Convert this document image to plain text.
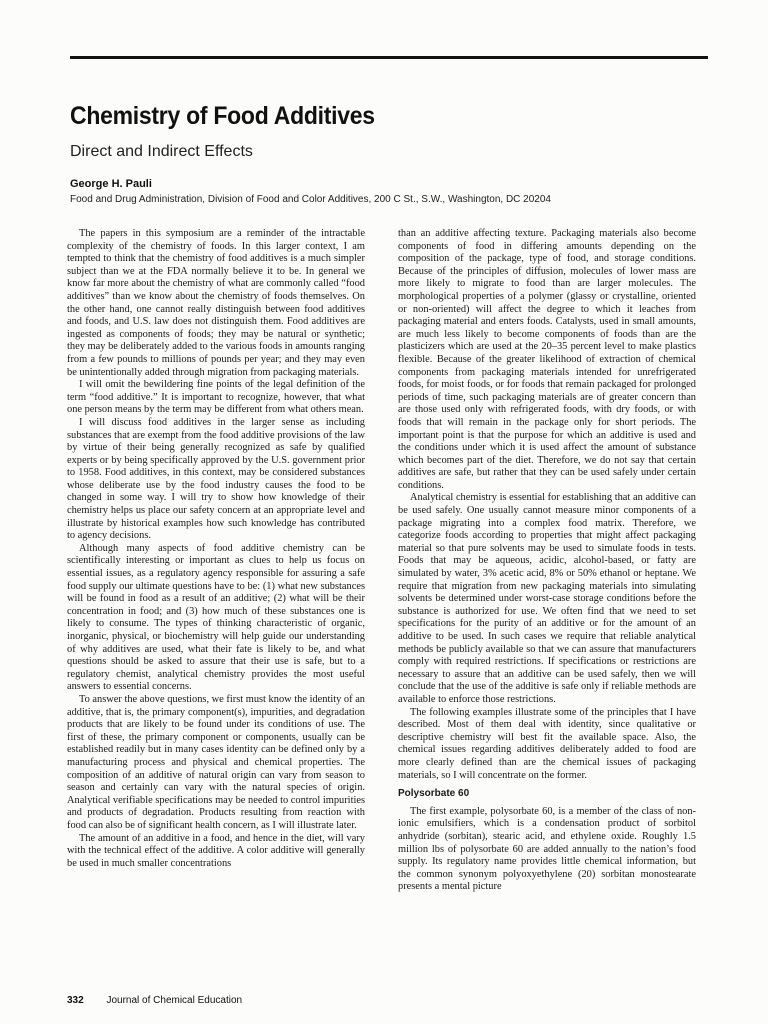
Chemistry of Food Additives
Direct and Indirect Effects
George H. Pauli
Food and Drug Administration, Division of Food and Color Additives, 200 C St., S.W., Washington, DC 20204

The papers in this symposium are a reminder of the intractable complexity of the chemistry of foods. In this larger context, I am tempted to think that the chemistry of food additives is a much simpler subject than we at the FDA normally believe it to be. In general we know far more about the chemistry of what are commonly called “food additives” than we know about the chemistry of foods themselves. On the other hand, one cannot really distinguish between food additives and foods, and U.S. law does not distinguish them. Food additives are ingested as components of foods; they may be natural or synthetic; they may be deliberately added to the various foods in amounts ranging from a few pounds to millions of pounds per year; and they may even be unintentionally added through migration from packaging materials.

I will omit the bewildering fine points of the legal definition of the term “food additive.” It is important to recognize, however, that what one person means by the term may be different from what others mean.

I will discuss food additives in the larger sense as including substances that are exempt from the food additive provisions of the law by virtue of their being generally recognized as safe by qualified experts or by being specifically approved by the U.S. government prior to 1958. Food additives, in this context, may be considered substances whose deliberate use by the food industry causes the food to be changed in some way. I will try to show how knowledge of their chemistry helps us place our safety concern at an appropriate level and illustrate by historical examples how such knowledge has contributed to agency decisions.

Although many aspects of food additive chemistry can be scientifically interesting or important as clues to help us focus on essential issues, as a regulatory agency responsible for assuring a safe food supply our ultimate questions have to be: (1) what new substances will be found in food as a result of an additive; (2) what will be their concentration in food; and (3) how much of these substances one is likely to consume. The types of thinking characteristic of organic, inorganic, physical, or biochemistry will help guide our understanding of why additives are used, what their fate is likely to be, and what questions should be asked to assure that their use is safe, but to a regulatory chemist, analytical chemistry provides the most useful answers to essential concerns.

To answer the above questions, we first must know the identity of an additive, that is, the primary component(s), impurities, and degradation products that are likely to be found under its conditions of use. The first of these, the primary component or components, usually can be established readily but in many cases identity can be defined only by a manufacturing process and physical and chemical properties. The composition of an additive of natural origin can vary from season to season and certainly can vary with the natural species of origin. Analytical verifiable specifications may be needed to control impurities and products of degradation. Products resulting from reaction with food can also be of significant health concern, as I will illustrate later.

The amount of an additive in a food, and hence in the diet, will vary with the technical effect of the additive. A color additive will generally be used in much smaller concentrations

than an additive affecting texture. Packaging materials also become components of food in differing amounts depending on the composition of the package, type of food, and storage conditions. Because of the principles of diffusion, molecules of lower mass are more likely to migrate to food than are larger molecules. The morphological properties of a polymer (glassy or crystalline, oriented or non-oriented) will affect the degree to which it leaches from packaging material and enters foods. Catalysts, used in small amounts, are much less likely to become components of foods than are the plasticizers which are used at the 20–35 percent level to make plastics flexible. Because of the greater likelihood of extraction of chemical components from packaging materials intended for unrefrigerated foods, for moist foods, or for foods that remain packaged for prolonged periods of time, such packaging materials are of greater concern than are those used only with refrigerated foods, with dry foods, or with foods that will remain in the package only for short periods. The important point is that the purpose for which an additive is used and the conditions under which it is used affect the amount of substance which becomes part of the diet. Therefore, we do not say that certain additives are safe, but rather that they can be used safely under certain conditions.

Analytical chemistry is essential for establishing that an additive can be used safely. One usually cannot measure minor components of a package migrating into a complex food matrix. Therefore, we categorize foods according to properties that might affect packaging material so that pure solvents may be used to simulate foods in tests. Foods that may be aqueous, acidic, alcohol-based, or fatty are simulated by water, 3% acetic acid, 8% or 50% ethanol or heptane. We require that migration from new packaging materials into simulating solvents be determined under worst-case storage conditions before the substance is authorized for use. We often find that we need to set specifications for the purity of an additive or for the amount of an additive to be used. In such cases we require that reliable analytical methods be publicly available so that we can assure that manufacturers comply with required restrictions. If specifications or restrictions are necessary to assure that an additive can be used safely, then we will conclude that the use of the additive is safe only if reliable methods are available to enforce those restrictions.

The following examples illustrate some of the principles that I have described. Most of them deal with identity, since qualitative or descriptive chemistry will best fit the available space. Also, the chemical issues regarding additives deliberately added to food are more clearly defined than are the chemical issues of packaging materials, so I will concentrate on the former.

Polysorbate 60

The first example, polysorbate 60, is a member of the class of non-ionic emulsifiers, which is a condensation product of sorbitol anhydride (sorbitan), stearic acid, and ethylene oxide. Roughly 1.5 million lbs of polysorbate 60 are added annually to the nation’s food supply. Its regulatory name provides little chemical information, but the common synonym polyoxyethylene (20) sorbitan monostearate presents a mental picture

332 Journal of Chemical Education
